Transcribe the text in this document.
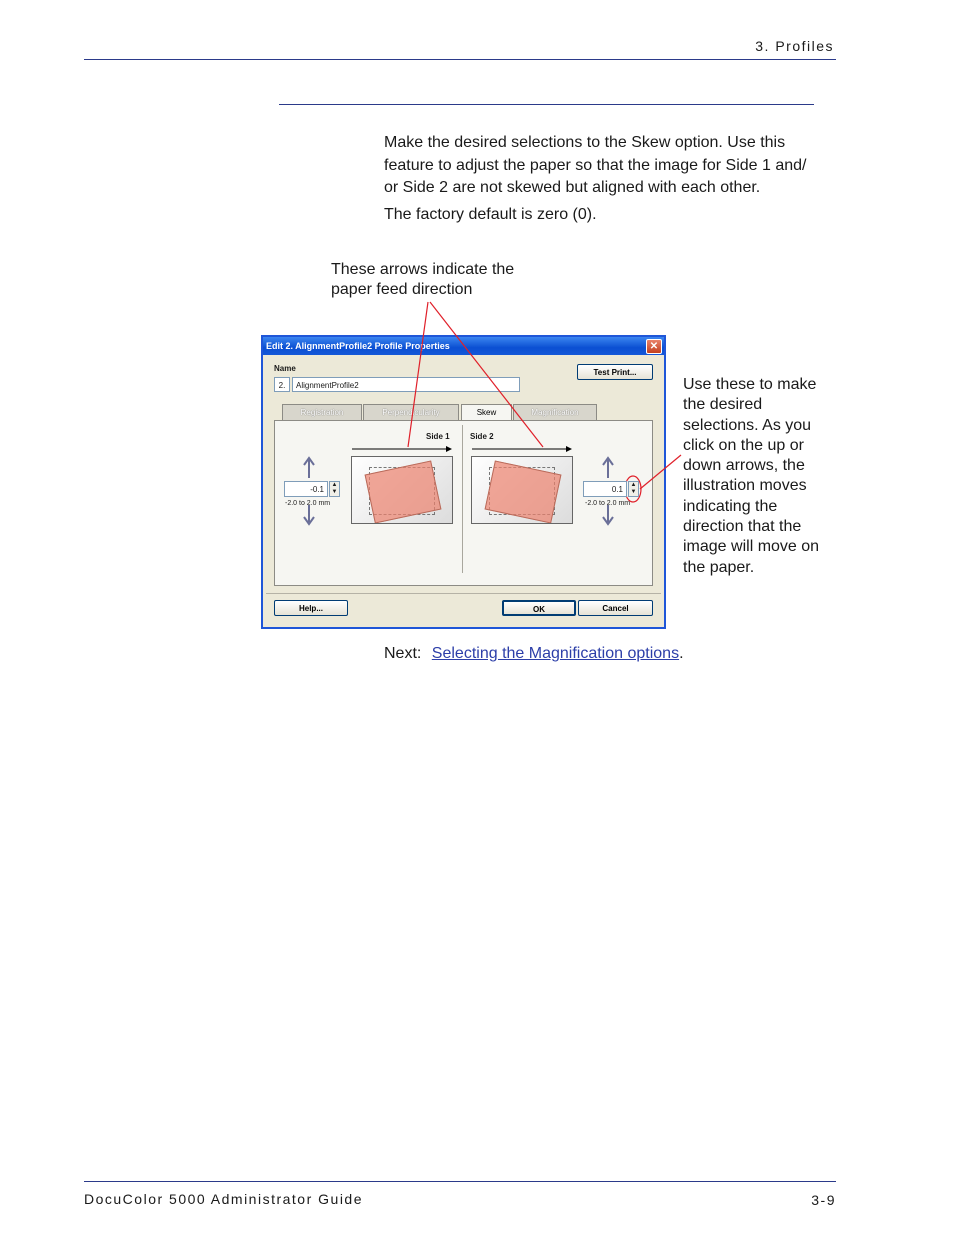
3. Profiles
Make the desired selections to the Skew option. Use this
feature to adjust the paper so that the image for Side 1 and/
or Side 2 are not skewed but aligned with each other.
The factory default is zero (0).
These arrows indicate the
paper feed direction
Use these to make
the desired
selections. As you
click on the up or
down arrows, the
illustration moves
indicating the
direction that the
image will move on
the paper.
Edit 2. AlignmentProfile2 Profile Properties	✕
Name
2.	AlignmentProfile2
Test Print...
Registration	Perpendicularity	Skew	Magnification
Side 1	Side 2
-0.1	▲
▼
-2.0 to 2.0 mm
0.1	▲
▼
-2.0 to 2.0 mm
Help...	OK	Cancel
Next: Selecting the Magnification options.
DocuColor 5000 Administrator Guide	3-9
